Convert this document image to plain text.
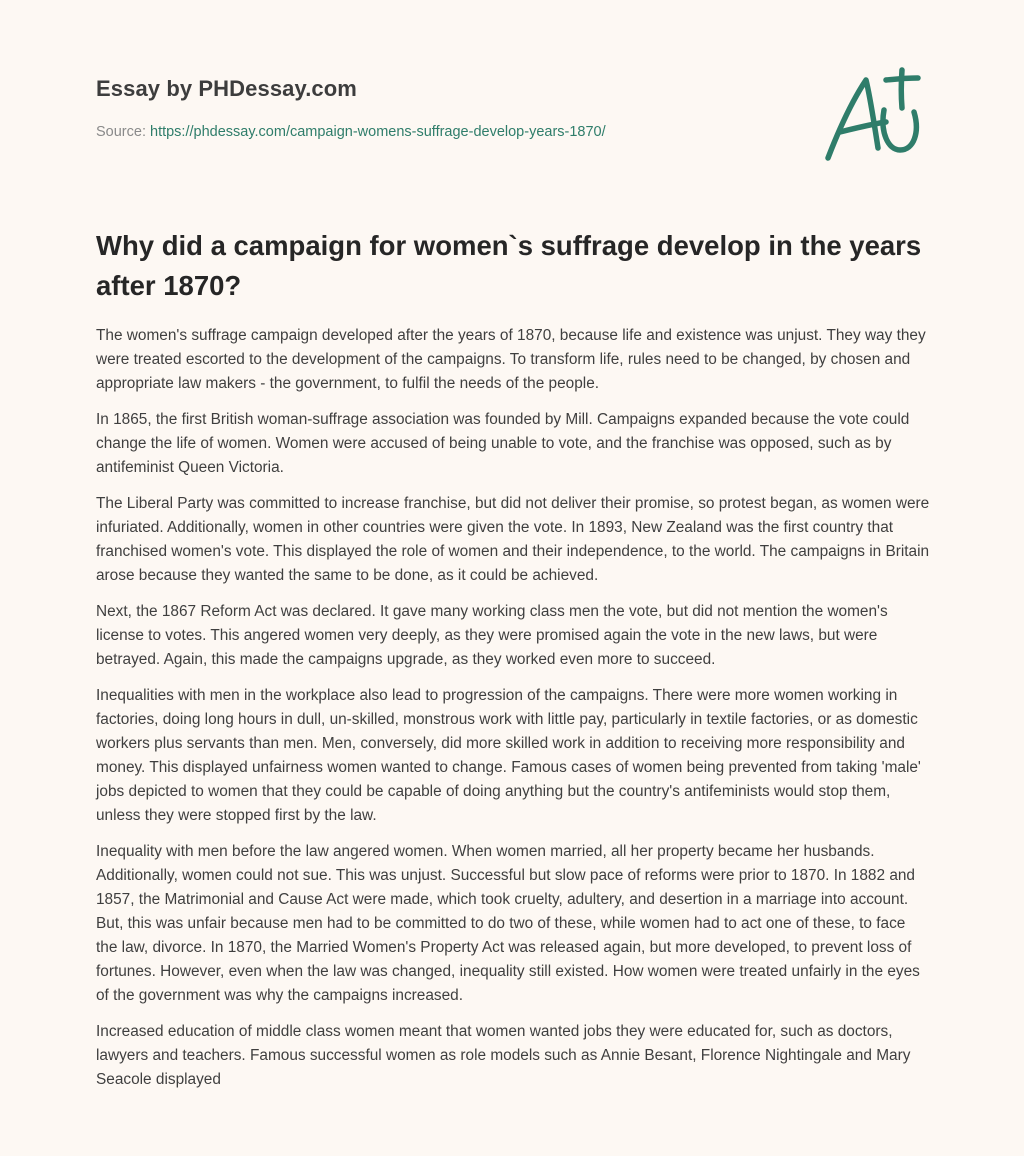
Essay by PHDessay.com
Source: https://phdessay.com/campaign-womens-suffrage-develop-years-1870/
Why did a campaign for women`s suffrage develop in the years after 1870?

The women's suffrage campaign developed after the years of 1870, because life and existence was unjust. They way they were treated escorted to the development of the campaigns. To transform life, rules need to be changed, by chosen and appropriate law makers - the government, to fulfil the needs of the people.

In 1865, the first British woman-suffrage association was founded by Mill. Campaigns expanded because the vote could change the life of women. Women were accused of being unable to vote, and the franchise was opposed, such as by antifeminist Queen Victoria.

The Liberal Party was committed to increase franchise, but did not deliver their promise, so protest began, as women were infuriated. Additionally, women in other countries were given the vote. In 1893, New Zealand was the first country that franchised women's vote. This displayed the role of women and their independence, to the world. The campaigns in Britain arose because they wanted the same to be done, as it could be achieved.

Next, the 1867 Reform Act was declared. It gave many working class men the vote, but did not mention the women's license to votes. This angered women very deeply, as they were promised again the vote in the new laws, but were betrayed. Again, this made the campaigns upgrade, as they worked even more to succeed.

Inequalities with men in the workplace also lead to progression of the campaigns. There were more women working in factories, doing long hours in dull, un-skilled, monstrous work with little pay, particularly in textile factories, or as domestic workers plus servants than men. Men, conversely, did more skilled work in addition to receiving more responsibility and money. This displayed unfairness women wanted to change. Famous cases of women being prevented from taking 'male' jobs depicted to women that they could be capable of doing anything but the country's antifeminists would stop them, unless they were stopped first by the law.

Inequality with men before the law angered women. When women married, all her property became her husbands. Additionally, women could not sue. This was unjust. Successful but slow pace of reforms were prior to 1870. In 1882 and 1857, the Matrimonial and Cause Act were made, which took cruelty, adultery, and desertion in a marriage into account. But, this was unfair because men had to be committed to do two of these, while women had to act one of these, to face the law, divorce. In 1870, the Married Women's Property Act was released again, but more developed, to prevent loss of fortunes. However, even when the law was changed, inequality still existed. How women were treated unfairly in the eyes of the government was why the campaigns increased.

Increased education of middle class women meant that women wanted jobs they were educated for, such as doctors, lawyers and teachers. Famous successful women as role models such as Annie Besant, Florence Nightingale and Mary Seacole displayed
